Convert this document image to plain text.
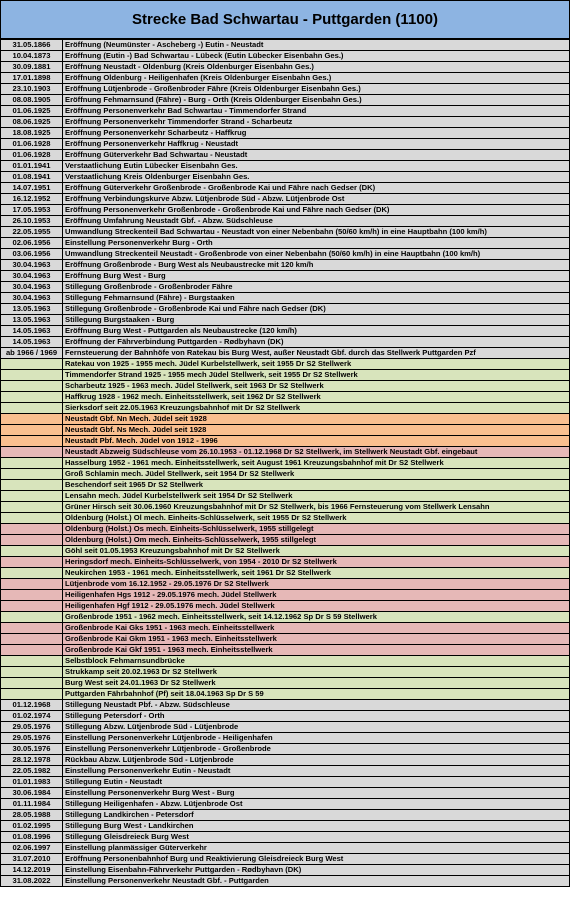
Strecke Bad Schwartau - Puttgarden (1100)
31.05.1866	Eröffnung (Neumünster - Ascheberg -) Eutin - Neustadt
10.04.1873	Eröffnung (Eutin -) Bad Schwartau - Lübeck (Eutin Lübecker Eisenbahn Ges.)
30.09.1881	Eröffnung Neustadt - Oldenburg (Kreis Oldenburger Eisenbahn Ges.)
17.01.1898	Eröffnung Oldenburg - Heiligenhafen (Kreis Oldenburger Eisenbahn Ges.)
23.10.1903	Eröffnung Lütjenbrode - Großenbroder Fähre (Kreis Oldenburger Eisenbahn Ges.)
08.08.1905	Eröffnung Fehmarnsund (Fähre) - Burg - Orth (Kreis Oldenburger Eisenbahn Ges.)
01.06.1925	Eröffnung Personenverkehr Bad Schwartau - Timmendorfer Strand
08.06.1925	Eröffnung Personenverkehr Timmendorfer Strand - Scharbeutz
18.08.1925	Eröffnung Personenverkehr Scharbeutz - Haffkrug
01.06.1928	Eröffnung Personenverkehr Haffkrug - Neustadt
01.06.1928	Eröffnung Güterverkehr Bad Schwartau - Neustadt
01.01.1941	Verstaatlichung Eutin Lübecker Eisenbahn Ges.
01.08.1941	Verstaatlichung Kreis Oldenburger Eisenbahn Ges.
14.07.1951	Eröffnung Güterverkehr Großenbrode - Großenbrode Kai und Fähre nach Gedser (DK)
16.12.1952	Eröffnung Verbindungskurve Abzw. Lütjenbrode Süd - Abzw. Lütjenbrode Ost
17.05.1953	Eröffnung Personenverkehr Großenbrode - Großenbrode Kai und Fähre nach Gedser (DK)
26.10.1953	Eröffnung Umfahrung Neustadt Gbf. - Abzw. Südschleuse
22.05.1955	Umwandlung Streckenteil Bad Schwartau - Neustadt von einer Nebenbahn (50/60 km/h) in eine Hauptbahn (100 km/h)
02.06.1956	Einstellung Personenverkehr Burg - Orth
03.06.1956	Umwandlung Streckenteil Neustadt - Großenbrode von einer Nebenbahn (50/60 km/h) in eine Hauptbahn (100 km/h)
30.04.1963	Eröffnung Großenbrode - Burg West als Neubaustrecke mit 120 km/h
30.04.1963	Eröffnung Burg West - Burg
30.04.1963	Stillegung Großenbrode - Großenbroder Fähre
30.04.1963	Stillegung Fehmarnsund (Fähre) - Burgstaaken
13.05.1963	Stillegung Großenbrode - Großenbrode Kai und Fähre nach Gedser (DK)
13.05.1963	Stillegung Burgstaaken - Burg
14.05.1963	Eröffnung Burg West - Puttgarden als Neubaustrecke (120 km/h)
14.05.1963	Eröffnung der Fährverbindung Puttgarden - Rødbyhavn (DK)
ab 1966 / 1969	Fernsteuerung der Bahnhöfe von Ratekau bis Burg West, außer Neustadt Gbf. durch das Stellwerk Puttgarden Pzf
	Ratekau von 1925 - 1955 mech. Jüdel Kurbelstellwerk, seit 1955 Dr S2 Stellwerk
	Timmendorfer Strand 1925 - 1955 mech Jüdel Stellwerk, seit 1955 Dr S2 Stellwerk
	Scharbeutz 1925 - 1963 mech. Jüdel Stellwerk, seit 1963 Dr S2 Stellwerk
	Haffkrug 1928 - 1962 mech. Einheitsstellwerk, seit 1962 Dr S2 Stellwerk
	Sierksdorf seit 22.05.1963 Kreuzungsbahnhof mit Dr S2 Stellwerk
	Neustadt Gbf. Nn Mech. Jüdel seit 1928
	Neustadt Gbf. Ns Mech. Jüdel seit 1928
	Neustadt Pbf. Mech. Jüdel von 1912 - 1996
	Neustadt Abzweig Südschleuse vom 26.10.1953 - 01.12.1968 Dr S2 Stellwerk, im Stellwerk Neustadt Gbf. eingebaut
	Hasselburg 1952 - 1961 mech. Einheitsstellwerk, seit August 1961 Kreuzungsbahnhof mit Dr S2 Stellwerk
	Groß Schlamin mech. Jüdel Stellwerk, seit 1954 Dr S2 Stellwerk
	Beschendorf seit 1965 Dr S2 Stellwerk
	Lensahn mech. Jüdel Kurbelstellwerk seit 1954 Dr S2 Stellwerk
	Grüner Hirsch seit 30.06.1960 Kreuzungsbahnhof mit Dr S2 Stellwerk, bis 1966 Fernsteuerung vom Stellwerk Lensahn
	Oldenburg (Holst.) Ol mech. Einheits-Schlüsselwerk, seit 1955 Dr S2 Stellwerk
	Oldenburg (Holst.) Os mech. Einheits-Schlüsselwerk, 1955 stillgelegt
	Oldenburg (Holst.) Om mech. Einheits-Schlüsselwerk, 1955 stillgelegt
	Göhl seit 01.05.1953 Kreuzungsbahnhof mit Dr S2 Stellwerk
	Heringsdorf mech. Einheits-Schlüsselwerk, von 1954 - 2010 Dr S2 Stellwerk
	Neukirchen 1953 - 1961 mech. Einheitsstellwerk, seit 1961 Dr S2 Stellwerk
	Lütjenbrode vom 16.12.1952 - 29.05.1976 Dr S2 Stellwerk
	Heiligenhafen Hgs 1912 - 29.05.1976 mech. Jüdel Stellwerk
	Heiligenhafen Hgf 1912 - 29.05.1976 mech. Jüdel Stellwerk
	Großenbrode 1951 - 1962 mech. Einheitsstellwerk, seit 14.12.1962 Sp Dr S 59 Stellwerk
	Großenbrode Kai Gks 1951 - 1963 mech. Einheitsstellwerk
	Großenbrode Kai Gkm 1951 - 1963 mech. Einheitsstellwerk
	Großenbrode Kai Gkf 1951 - 1963 mech. Einheitsstellwerk
	Selbstblock Fehmarnsundbrücke
	Strukkamp seit 20.02.1963 Dr S2 Stellwerk
	Burg West seit 24.01.1963 Dr S2 Stellwerk
	Puttgarden Fährbahnhof (Pf) seit 18.04.1963 Sp Dr S 59
01.12.1968	Stillegung Neustadt Pbf. - Abzw. Südschleuse
01.02.1974	Stillegung Petersdorf - Orth
29.05.1976	Stillegung Abzw. Lütjenbrode Süd - Lütjenbrode
29.05.1976	Einstellung Personenverkehr Lütjenbrode - Heiligenhafen
30.05.1976	Einstellung Personenverkehr Lütjenbrode - Großenbrode
28.12.1978	Rückbau Abzw. Lütjenbrode Süd - Lütjenbrode
22.05.1982	Einstellung Personenverkehr Eutin - Neustadt
01.01.1983	Stillegung Eutin - Neustadt
30.06.1984	Einstellung Personenverkehr Burg West - Burg
01.11.1984	Stillegung Heiligenhafen - Abzw. Lütjenbrode Ost
28.05.1988	Stillegung Landkirchen - Petersdorf
01.02.1995	Stillegung Burg West - Landkirchen
01.08.1996	Stillegung Gleisdreieck Burg West
02.06.1997	Einstellung planmässiger Güterverkehr
31.07.2010	Eröffnung Personenbahnhof Burg und Reaktivierung Gleisdreieck Burg West
14.12.2019	Einstellung Eisenbahn-Fährverkehr Puttgarden - Rødbyhavn (DK)
31.08.2022	Einstellung Personenverkehr Neustadt Gbf. - Puttgarden
